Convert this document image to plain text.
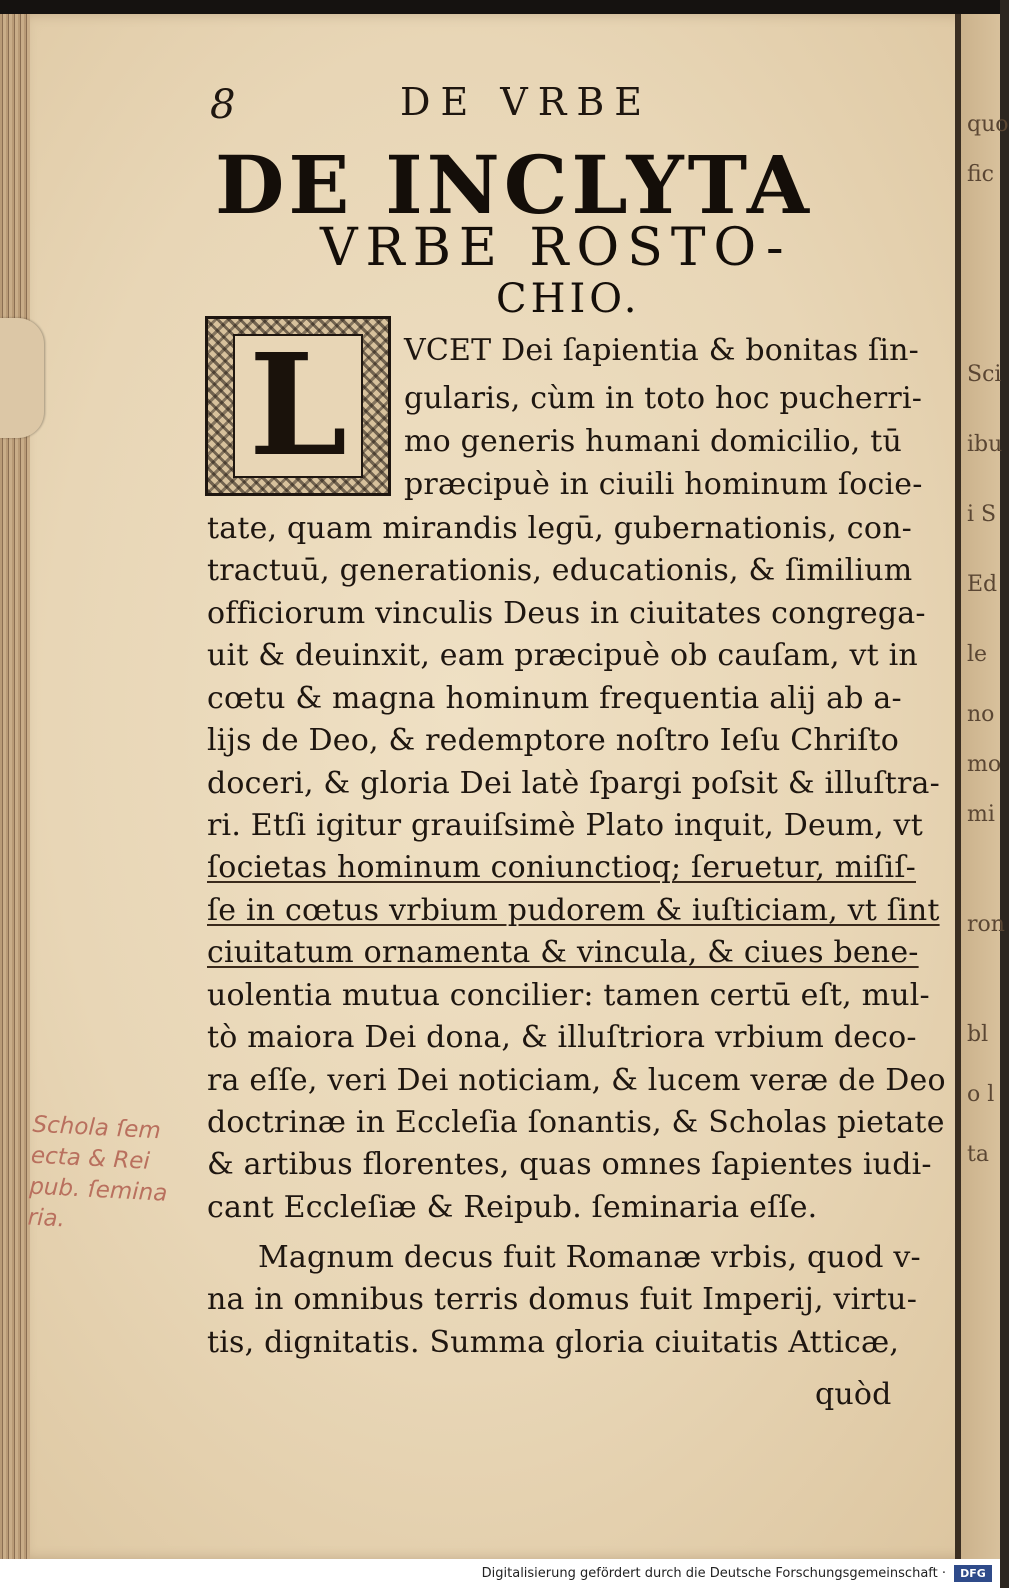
quo
fic
Sci
ibu
i S
Ed
le
no
mo
mi
ron
bl
o l
ta
8	DE VRBE
DE INCLYTA
VRBE ROSTO-
CHIO.
L	VCET Dei ſapientia & bonitas ſin-
gularis, cùm in toto hoc pucherri-
mo generis humani domicilio, tū
præcipuè in ciuili hominum ſocie-
tate, quam mirandis legū, gubernationis, con-
tractuū, generationis, educationis, & ſimilium
officiorum vinculis Deus in ciuitates congrega-
uit & deuinxit, eam præcipuè ob cauſam, vt in
cœtu & magna hominum frequentia alij ab a-
lijs de Deo, & redemptore noſtro Ieſu Chriſto
doceri, & gloria Dei latè ſpargi poſsit & illuſtra-
ri. Etſi igitur grauiſsimè Plato inquit, Deum, vt
ſocietas hominum coniunctioq; ſeruetur, miſiſ-
ſe in cœtus vrbium pudorem & iuſticiam, vt ſint
ciuitatum ornamenta & vincula, & ciues bene-
uolentia mutua concilier: tamen certū eſt, mul-
tò maiora Dei dona, & illuſtriora vrbium deco-
ra eſſe, veri Dei noticiam, & lucem veræ de Deo
doctrinæ in Eccleſia ſonantis, & Scholas pietate
& artibus florentes, quas omnes ſapientes iudi-
cant Eccleſiæ & Reipub. ſeminaria eſſe.
Magnum decus fuit Romanæ vrbis, quod v-
na in omnibus terris domus fuit Imperij, virtu-
tis, dignitatis. Summa gloria ciuitatis Atticæ,
quòd
Schola ſem
ecta & Rei
pub. ſemina
ria.
Digitalisierung gefördert durch die Deutsche Forschungsgemeinschaft ·	DFG
